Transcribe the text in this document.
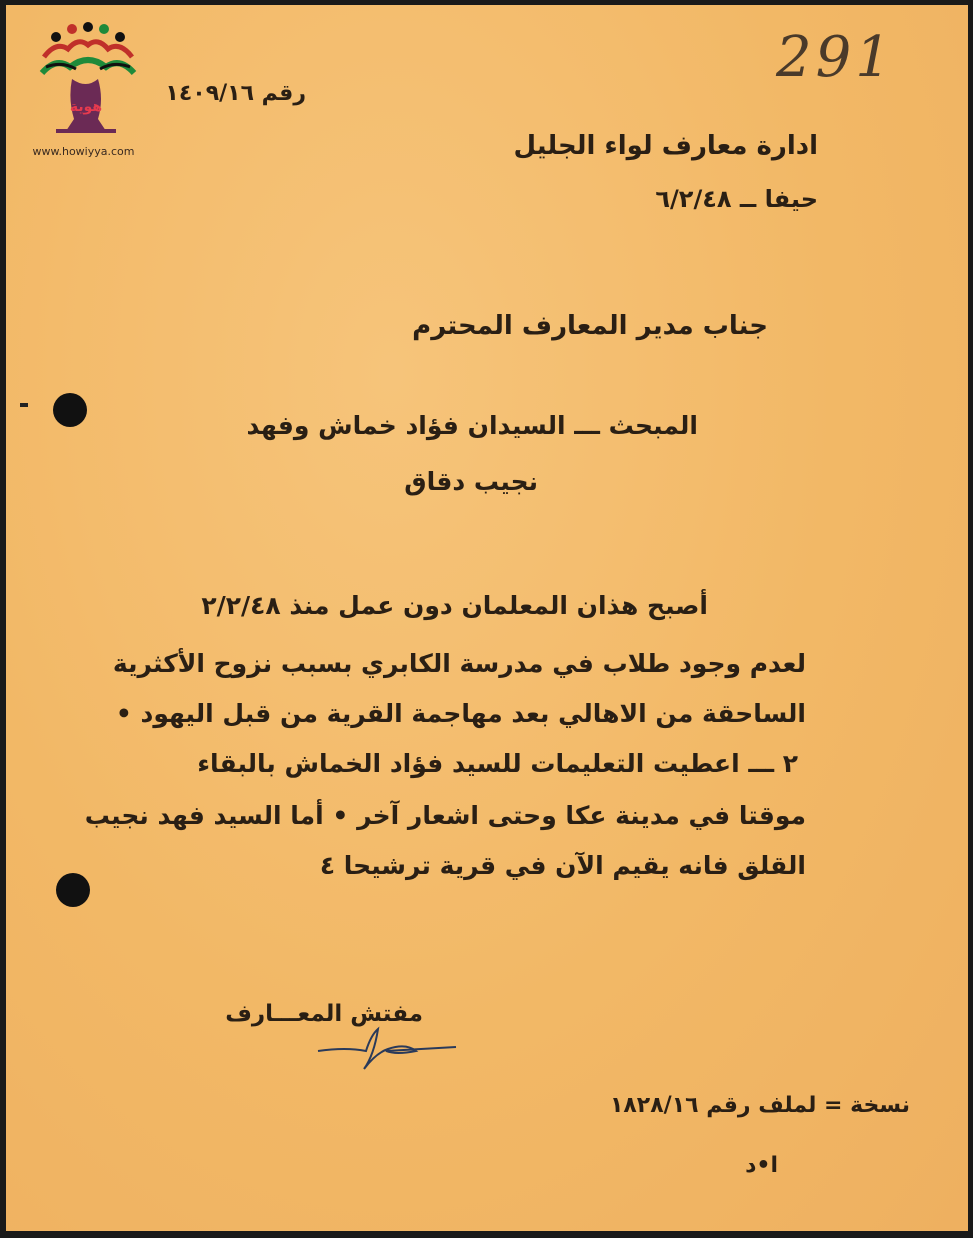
هوية
www.howiyya.com
291
رقم ١٤٠٩/١٦
ادارة معارف لواء الجليل
حيفا ــ ٦/٢/٤٨
جناب مدير المعارف المحترم
المبحث ـــ السيدان فؤاد خماش وفهد
نجيب دقاق
أصبح هذان المعلمان دون عمل منذ ٢/٢/٤٨
لعدم وجود طلاب في مدرسة الكابري بسبب نزوح الأكثرية
الساحقة من الاهالي بعد مهاجمة القرية من قبل اليهود •
٢ ـــ اعطيت التعليمات للسيد فؤاد الخماش بالبقاء
موقتا في مدينة عكا وحتى اشعار آخر • أما السيد فهد نجيب
القلق فانه يقيم الآن في قرية ترشيحا ٤
مفتش المعـــارف
نسخة = لملف رقم ١٨٢٨/١٦
ا•د
